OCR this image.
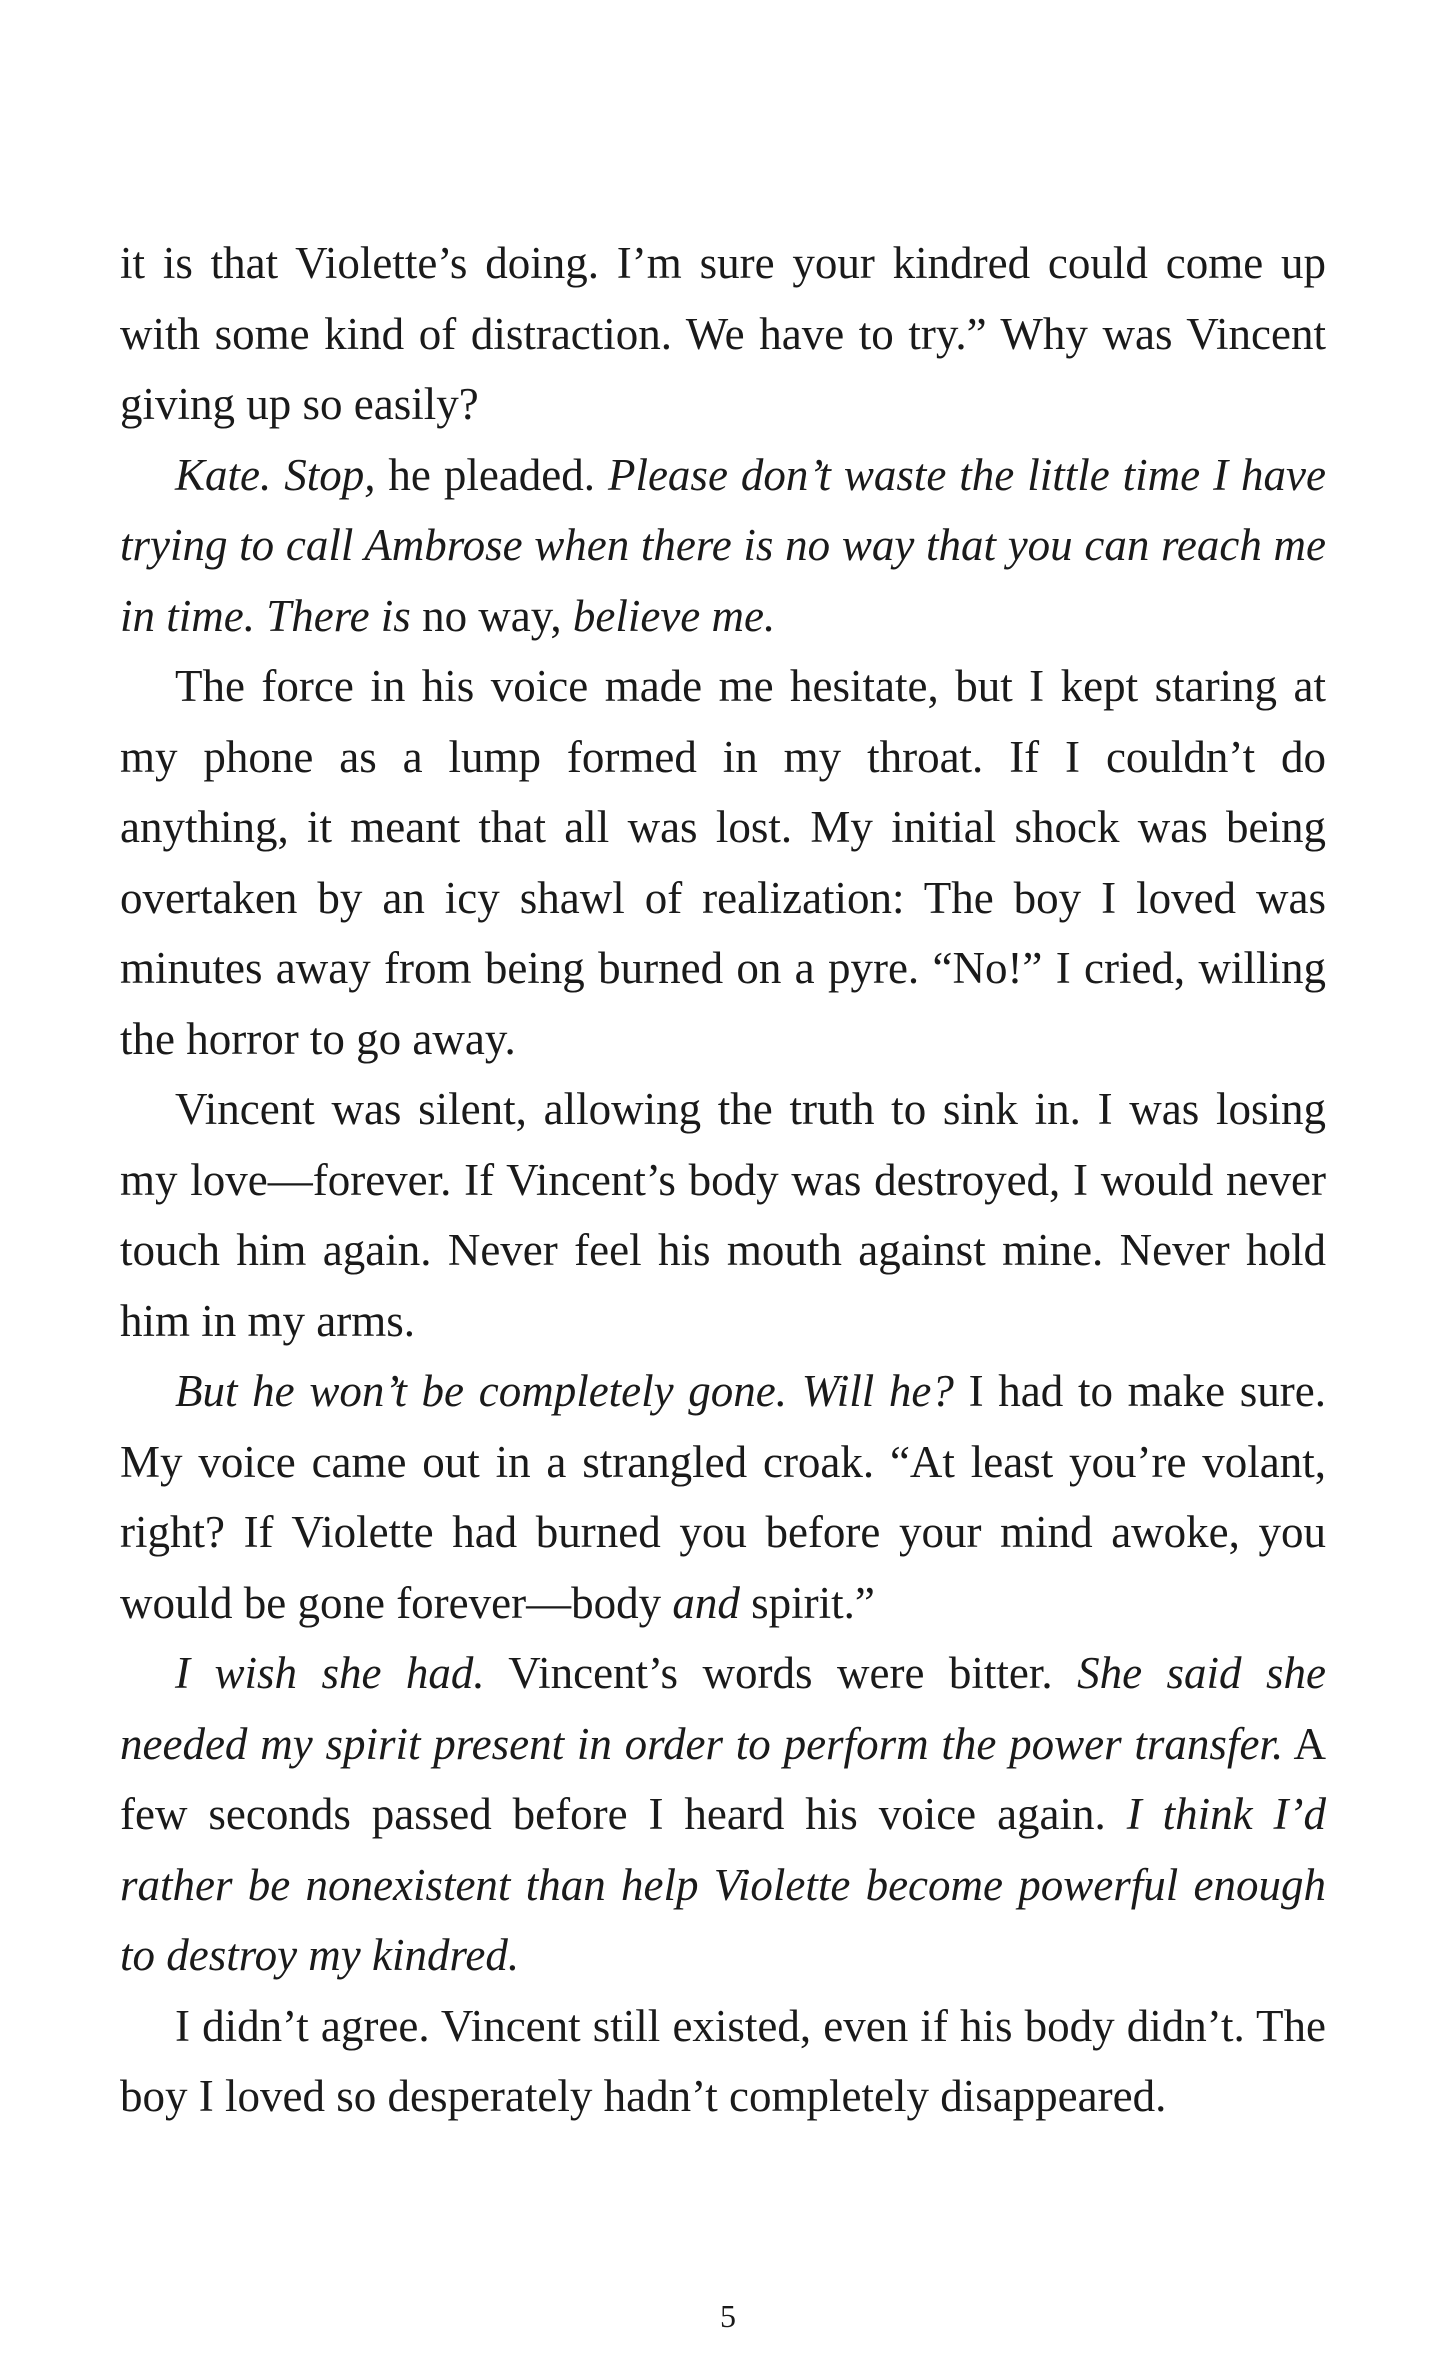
it is that Violette’s doing. I’m sure your kindred could come up with some kind of distraction. We have to try.” Why was Vincent giving up so easily?

Kate. Stop, he pleaded. Please don’t waste the little time I have trying to call Ambrose when there is no way that you can reach me in time. There is no way, believe me.

The force in his voice made me hesitate, but I kept staring at my phone as a lump formed in my throat. If I couldn’t do anything, it meant that all was lost. My initial shock was being overtaken by an icy shawl of realization: The boy I loved was minutes away from being burned on a pyre. “No!” I cried, willing the horror to go away.

Vincent was silent, allowing the truth to sink in. I was losing my love—forever. If Vincent’s body was destroyed, I would never touch him again. Never feel his mouth against mine. Never hold him in my arms.

But he won’t be completely gone. Will he? I had to make sure. My voice came out in a strangled croak. “At least you’re volant, right? If Violette had burned you before your mind awoke, you would be gone forever—body and spirit.”

I wish she had. Vincent’s words were bitter. She said she needed my spirit present in order to perform the power transfer. A few seconds passed before I heard his voice again. I think I’d rather be nonexistent than help Violette become powerful enough to destroy my kindred.

I didn’t agree. Vincent still existed, even if his body didn’t. The boy I loved so desperately hadn’t completely disappeared.

5
